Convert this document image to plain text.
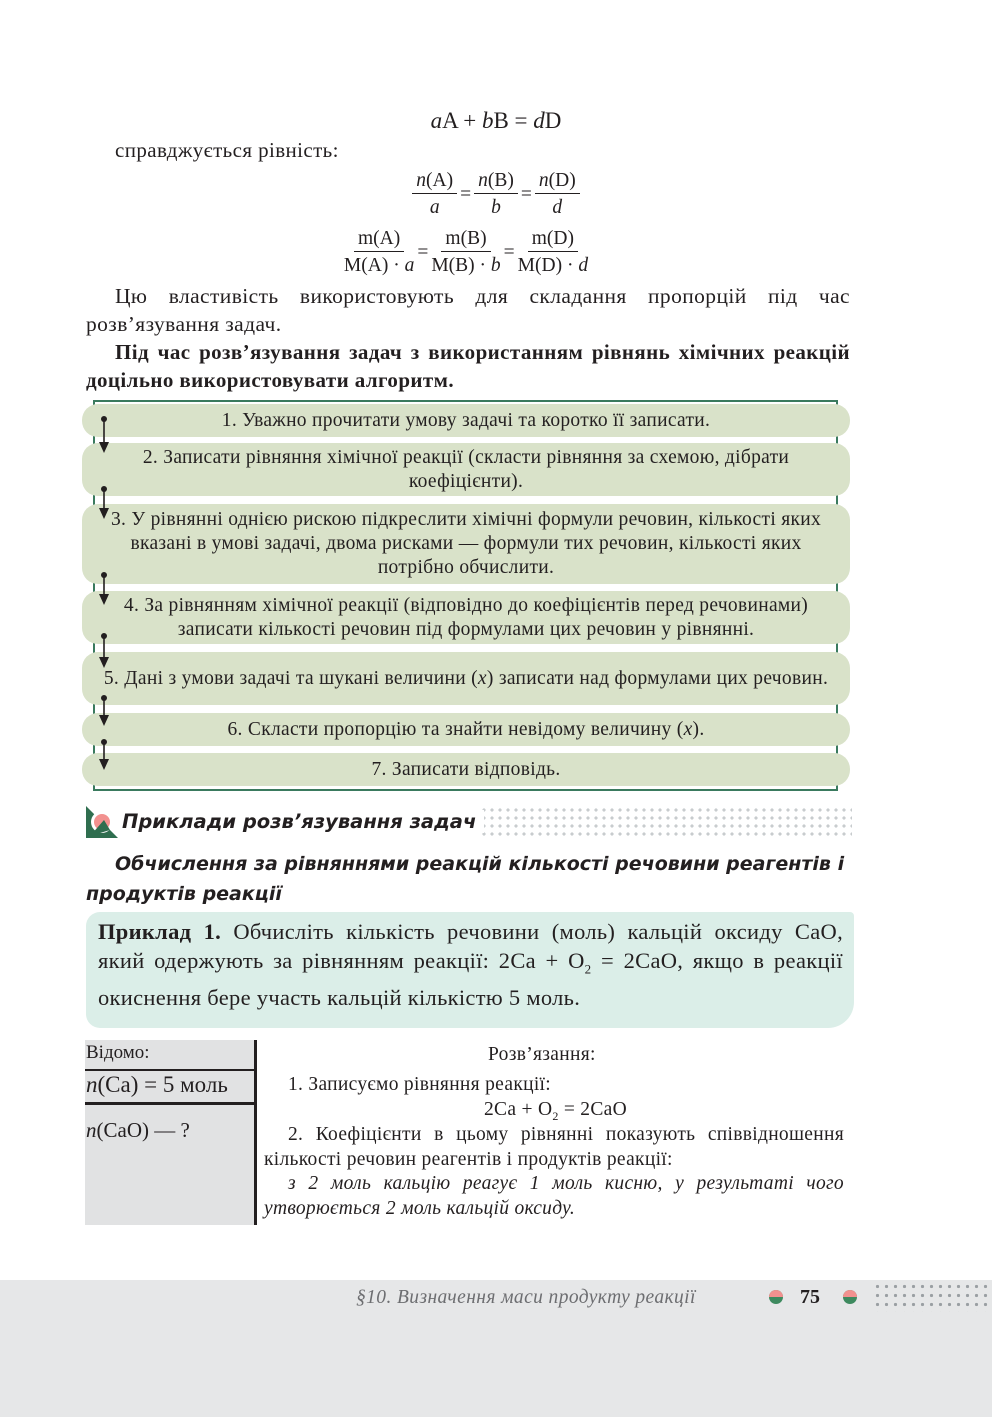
aA + bB = dD
справджується рівність:
$\frac{n(A)}{a} = \frac{n(B)}{b} = \frac{n(D)}{d}$
$\frac{m(A)}{M(A) \cdot a} = \frac{m(B)}{M(B) \cdot b} = \frac{m(D)}{M(D) \cdot d}$
Цю властивість використовують для складання пропорцій під час розв’язування задач.
Під час розв’язування задач з використанням рівнянь хімічних реакцій доцільно використовувати алгоритм.
1. Уважно прочитати умову задачі та коротко її записати.
2. Записати рівняння хімічної реакції (скласти рівняння за схемою, дібрати коефіцієнти).
3. У рівнянні однією рискою підкреслити хімічні формули речовин, кількості яких вказані в умові задачі, двома рисками — формули тих речовин, кількості яких потрібно обчислити.
4. За рівнянням хімічної реакції (відповідно до коефіцієнтів перед речовинами) записати кількості речовин під формулами цих речовин у рівнянні.
5. Дані з умови задачі та шукані величини (x) записати над формулами цих речовин.
6. Скласти пропорцію та знайти невідому величину (x).
7. Записати відповідь.
Приклади розв’язування задач
Обчислення за рівняннями реакцій кількості речовини реагентів і продуктів реакції
Приклад 1. Обчисліть кількість речовини (моль) кальцій оксиду CaO, який одержують за рівнянням реакції: $2Ca + O_2 = 2CaO$, якщо в реакції окиснення бере участь кальцій кількістю 5 моль.
Відомо:
n(Ca) = 5 моль
n(CaO) — ?
Розв’язання:
1. Записуємо рівняння реакції:
$2Ca + O_2 = 2CaO$
2. Коефіцієнти в цьому рівнянні показують співвідношення кількості речовин реагентів і продуктів реакції:
з 2 моль кальцію реагує 1 моль кисню, у результаті чого утворюється 2 моль кальцій оксиду.
§10. Визначення маси продукту реакції	75
